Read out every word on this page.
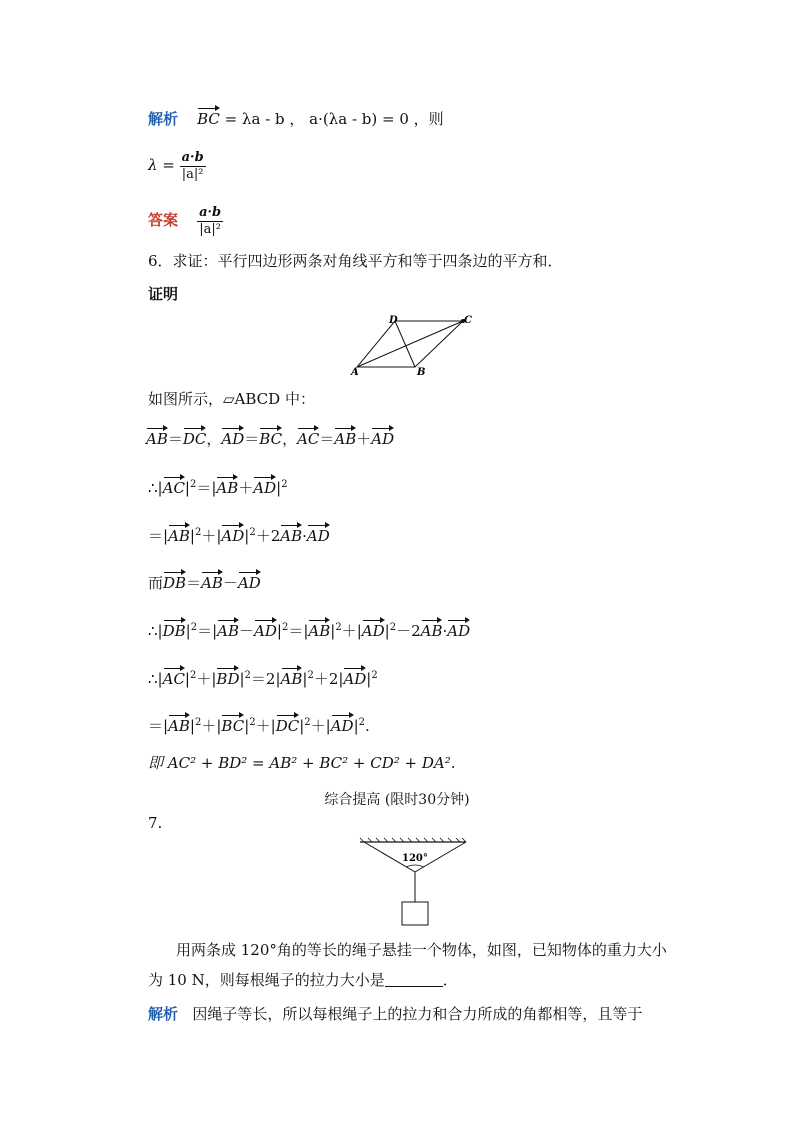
解析 BC = λa - b ， a·(λa - b) = 0 ，则
$\lambda = \frac{a\cdot b}{\text{|a|²}}$
答案 $\frac{a\cdot b}{\text{|a|²}}$
6．求证：平行四边形两条对角线平方和等于四条边的平方和．
证明
A	B
C
D
如图所示，▱ABCD 中：
AB＝DC，AD＝BC，AC＝AB＋AD
$\therefore|AC|^2=|AB+AD|^2$
$=|AB|^2+|AD|^2+2AB\cdot AD$
而DB＝AB－AD
$\therefore|DB|^2=|AB-AD|^2=|AB|^2+|AD|^2-2AB\cdot AD$
$\therefore|AC|^2+|BD|^2=2|AB|^2+2|AD|^2$
$=|AB|^2+|BC|^2+|DC|^2+|AD|^2$.
即 AC² + BD² = AB² + BC² + CD² + DA².
综合提高 (限时30分钟)
7.
120°
用两条成 120°角的等长的绳子悬挂一个物体，如图，已知物体的重力大小
为 10 N，则每根绳子的拉力大小是	．
解析 因绳子等长，所以每根绳子上的拉力和合力所成的角都相等，且等于
